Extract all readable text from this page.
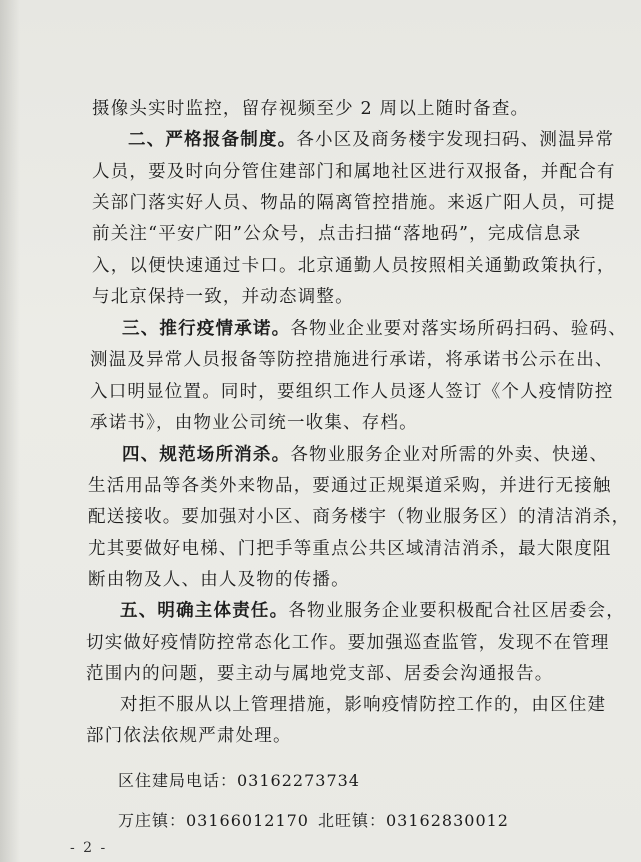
摄像头实时监控，留存视频至少 2 周以上随时备查。
二、严格报备制度。各小区及商务楼宇发现扫码、测温异常
人员，要及时向分管住建部门和属地社区进行双报备，并配合有
关部门落实好人员、物品的隔离管控措施。来返广阳人员，可提
前关注“平安广阳”公众号，点击扫描“落地码”，完成信息录
入，以便快速通过卡口。北京通勤人员按照相关通勤政策执行，
与北京保持一致，并动态调整。
三、推行疫情承诺。各物业企业要对落实场所码扫码、验码、
测温及异常人员报备等防控措施进行承诺，将承诺书公示在出、
入口明显位置。同时，要组织工作人员逐人签订《个人疫情防控
承诺书》，由物业公司统一收集、存档。
四、规范场所消杀。各物业服务企业对所需的外卖、快递、
生活用品等各类外来物品，要通过正规渠道采购，并进行无接触
配送接收。要加强对小区、商务楼宇（物业服务区）的清洁消杀，
尤其要做好电梯、门把手等重点公共区域清洁消杀，最大限度阻
断由物及人、由人及物的传播。
五、明确主体责任。各物业服务企业要积极配合社区居委会，
切实做好疫情防控常态化工作。要加强巡查监管，发现不在管理
范围内的问题，要主动与属地党支部、居委会沟通报告。
对拒不服从以上管理措施，影响疫情防控工作的，由区住建
部门依法依规严肃处理。
区住建局电话：03162273734
万庄镇：03166012170 北旺镇：03162830012
- 2 -
